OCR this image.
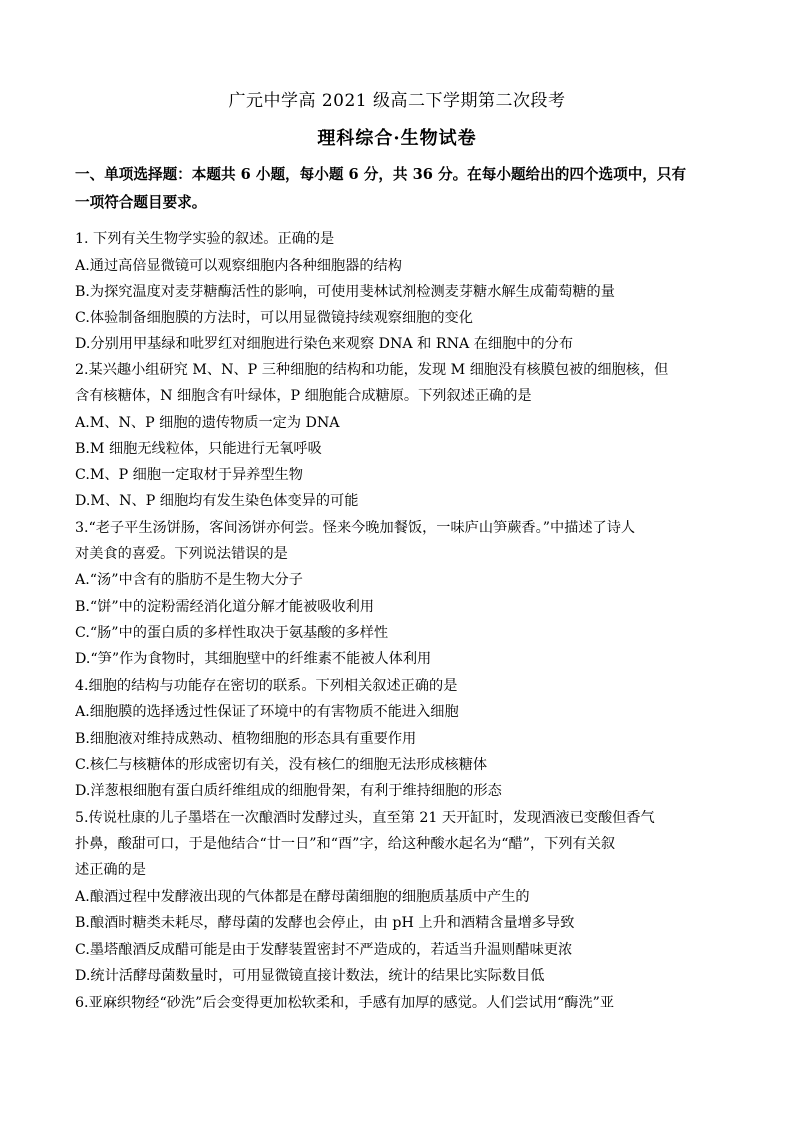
广元中学高 2021 级高二下学期第二次段考
理科综合·生物试卷
一、单项选择题：本题共 6 小题，每小题 6 分，共 36 分。在每小题给出的四个选项中，只有
一项符合题目要求。
1. 下列有关生物学实验的叙述。正确的是
A.通过高倍显微镜可以观察细胞内各种细胞器的结构
B.为探究温度对麦芽糖酶活性的影响，可使用斐林试剂检测麦芽糖水解生成葡萄糖的量
C.体验制备细胞膜的方法时，可以用显微镜持续观察细胞的变化
D.分别用甲基绿和吡罗红对细胞进行染色来观察 DNA 和 RNA 在细胞中的分布
2.某兴趣小组研究 M、N、P 三种细胞的结构和功能，发现 M 细胞没有核膜包被的细胞核，但
含有核糖体，N 细胞含有叶绿体，P 细胞能合成糖原。下列叙述正确的是
A.M、N、P 细胞的遗传物质一定为 DNA
B.M 细胞无线粒体，只能进行无氧呼吸
C.M、P 细胞一定取材于异养型生物
D.M、N、P 细胞均有发生染色体变异的可能
3.“老子平生汤饼肠，客间汤饼亦何尝。怪来今晚加餐饭，一味庐山笋蕨香。”中描述了诗人
对美食的喜爱。下列说法错误的是
A.“汤”中含有的脂肪不是生物大分子
B.“饼”中的淀粉需经消化道分解才能被吸收利用
C.“肠”中的蛋白质的多样性取决于氨基酸的多样性
D.“笋”作为食物时，其细胞壁中的纤维素不能被人体利用
4.细胞的结构与功能存在密切的联系。下列相关叙述正确的是
A.细胞膜的选择透过性保证了环境中的有害物质不能进入细胞
B.细胞液对维持成熟动、植物细胞的形态具有重要作用
C.核仁与核糖体的形成密切有关，没有核仁的细胞无法形成核糖体
D.洋葱根细胞有蛋白质纤维组成的细胞骨架，有利于维持细胞的形态
5.传说杜康的儿子墨塔在一次酿酒时发酵过头，直至第 21 天开缸时，发现酒液已变酸但香气
扑鼻，酸甜可口，于是他结合“廿一日”和“酉”字，给这种酸水起名为“醋”，下列有关叙
述正确的是
A.酿酒过程中发酵液出现的气体都是在酵母菌细胞的细胞质基质中产生的
B.酿酒时糖类未耗尽，酵母菌的发酵也会停止，由 pH 上升和酒精含量增多导致
C.墨塔酿酒反成醋可能是由于发酵装置密封不严造成的，若适当升温则醋味更浓
D.统计活酵母菌数量时，可用显微镜直接计数法，统计的结果比实际数目低
6.亚麻织物经“砂洗”后会变得更加松软柔和，手感有加厚的感觉。人们尝试用“酶洗”亚
